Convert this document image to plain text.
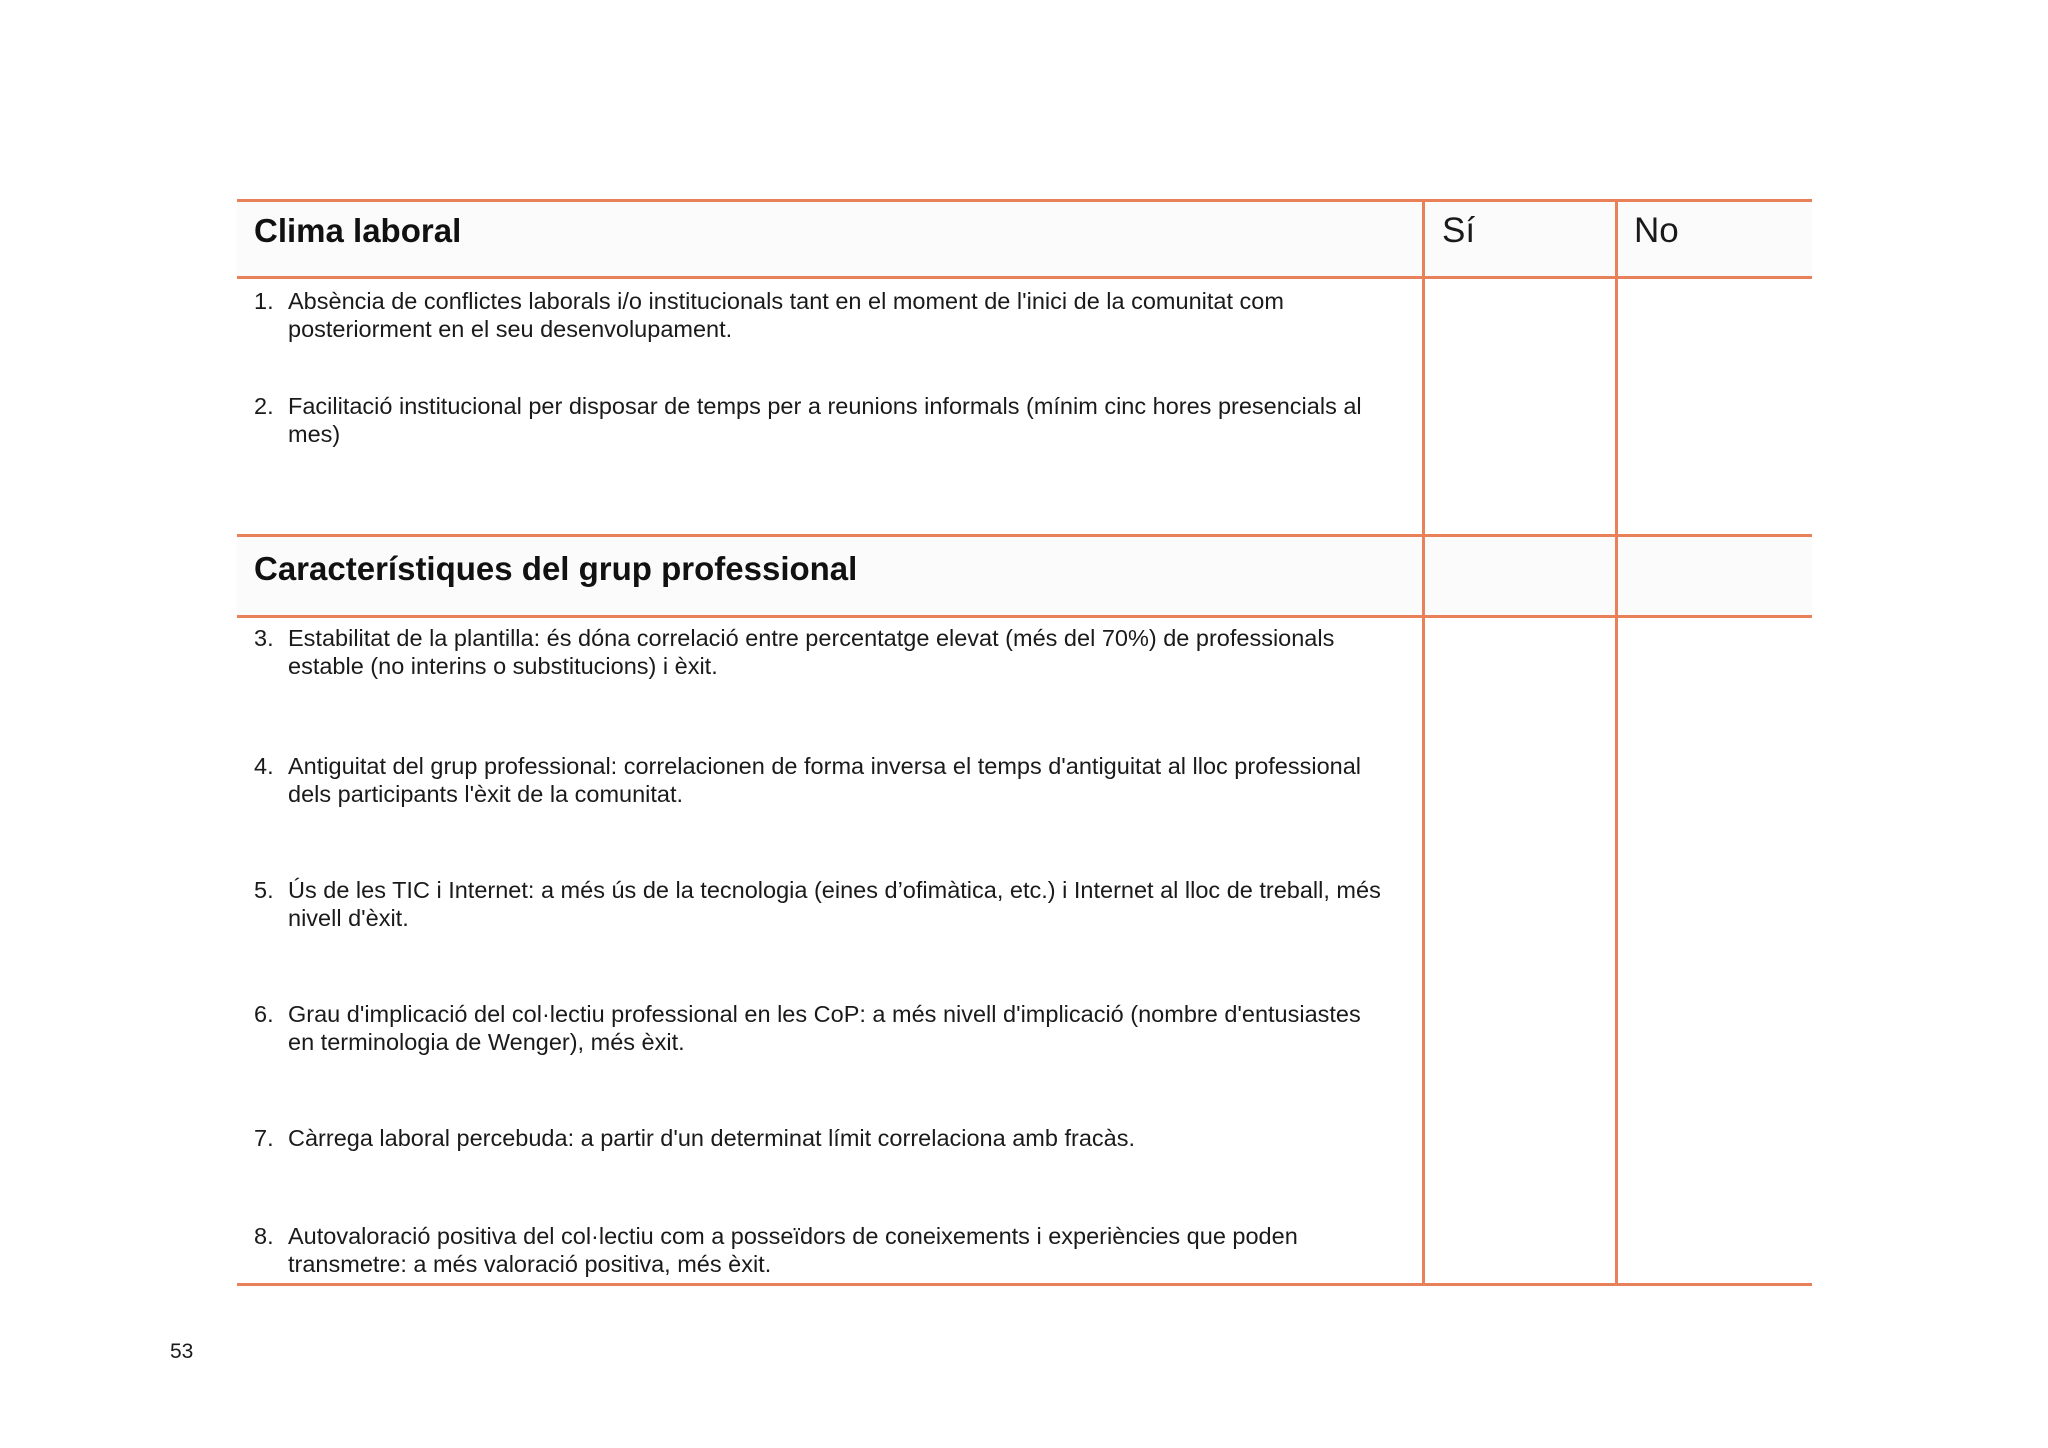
Clima laboral	Sí	No
1. Absència de conflictes laborals i/o institucionals tant en el moment de l'inici de la comunitat com posteriorment en el seu desenvolupament.
2. Facilitació institucional per disposar de temps per a reunions informals (mínim cinc hores presencials al mes)
Característiques del grup professional
3. Estabilitat de la plantilla: és dóna correlació entre percentatge elevat (més del 70%) de professionals estable (no interins o substitucions) i èxit.
4. Antiguitat del grup professional: correlacionen de forma inversa el temps d'antiguitat al lloc professional dels participants l'èxit de la comunitat.
5. Ús de les TIC i Internet: a més ús de la tecnologia (eines d’ofimàtica, etc.) i Internet al lloc de treball, més nivell d'èxit.
6. Grau d'implicació del col·lectiu professional en les CoP: a més nivell d'implicació (nombre d'entusiastes en terminologia de Wenger), més èxit.
7. Càrrega laboral percebuda: a partir d'un determinat límit correlaciona amb fracàs.
8. Autovaloració positiva del col·lectiu com a posseïdors de coneixements i experiències que poden transmetre: a més valoració positiva, més èxit.
53
